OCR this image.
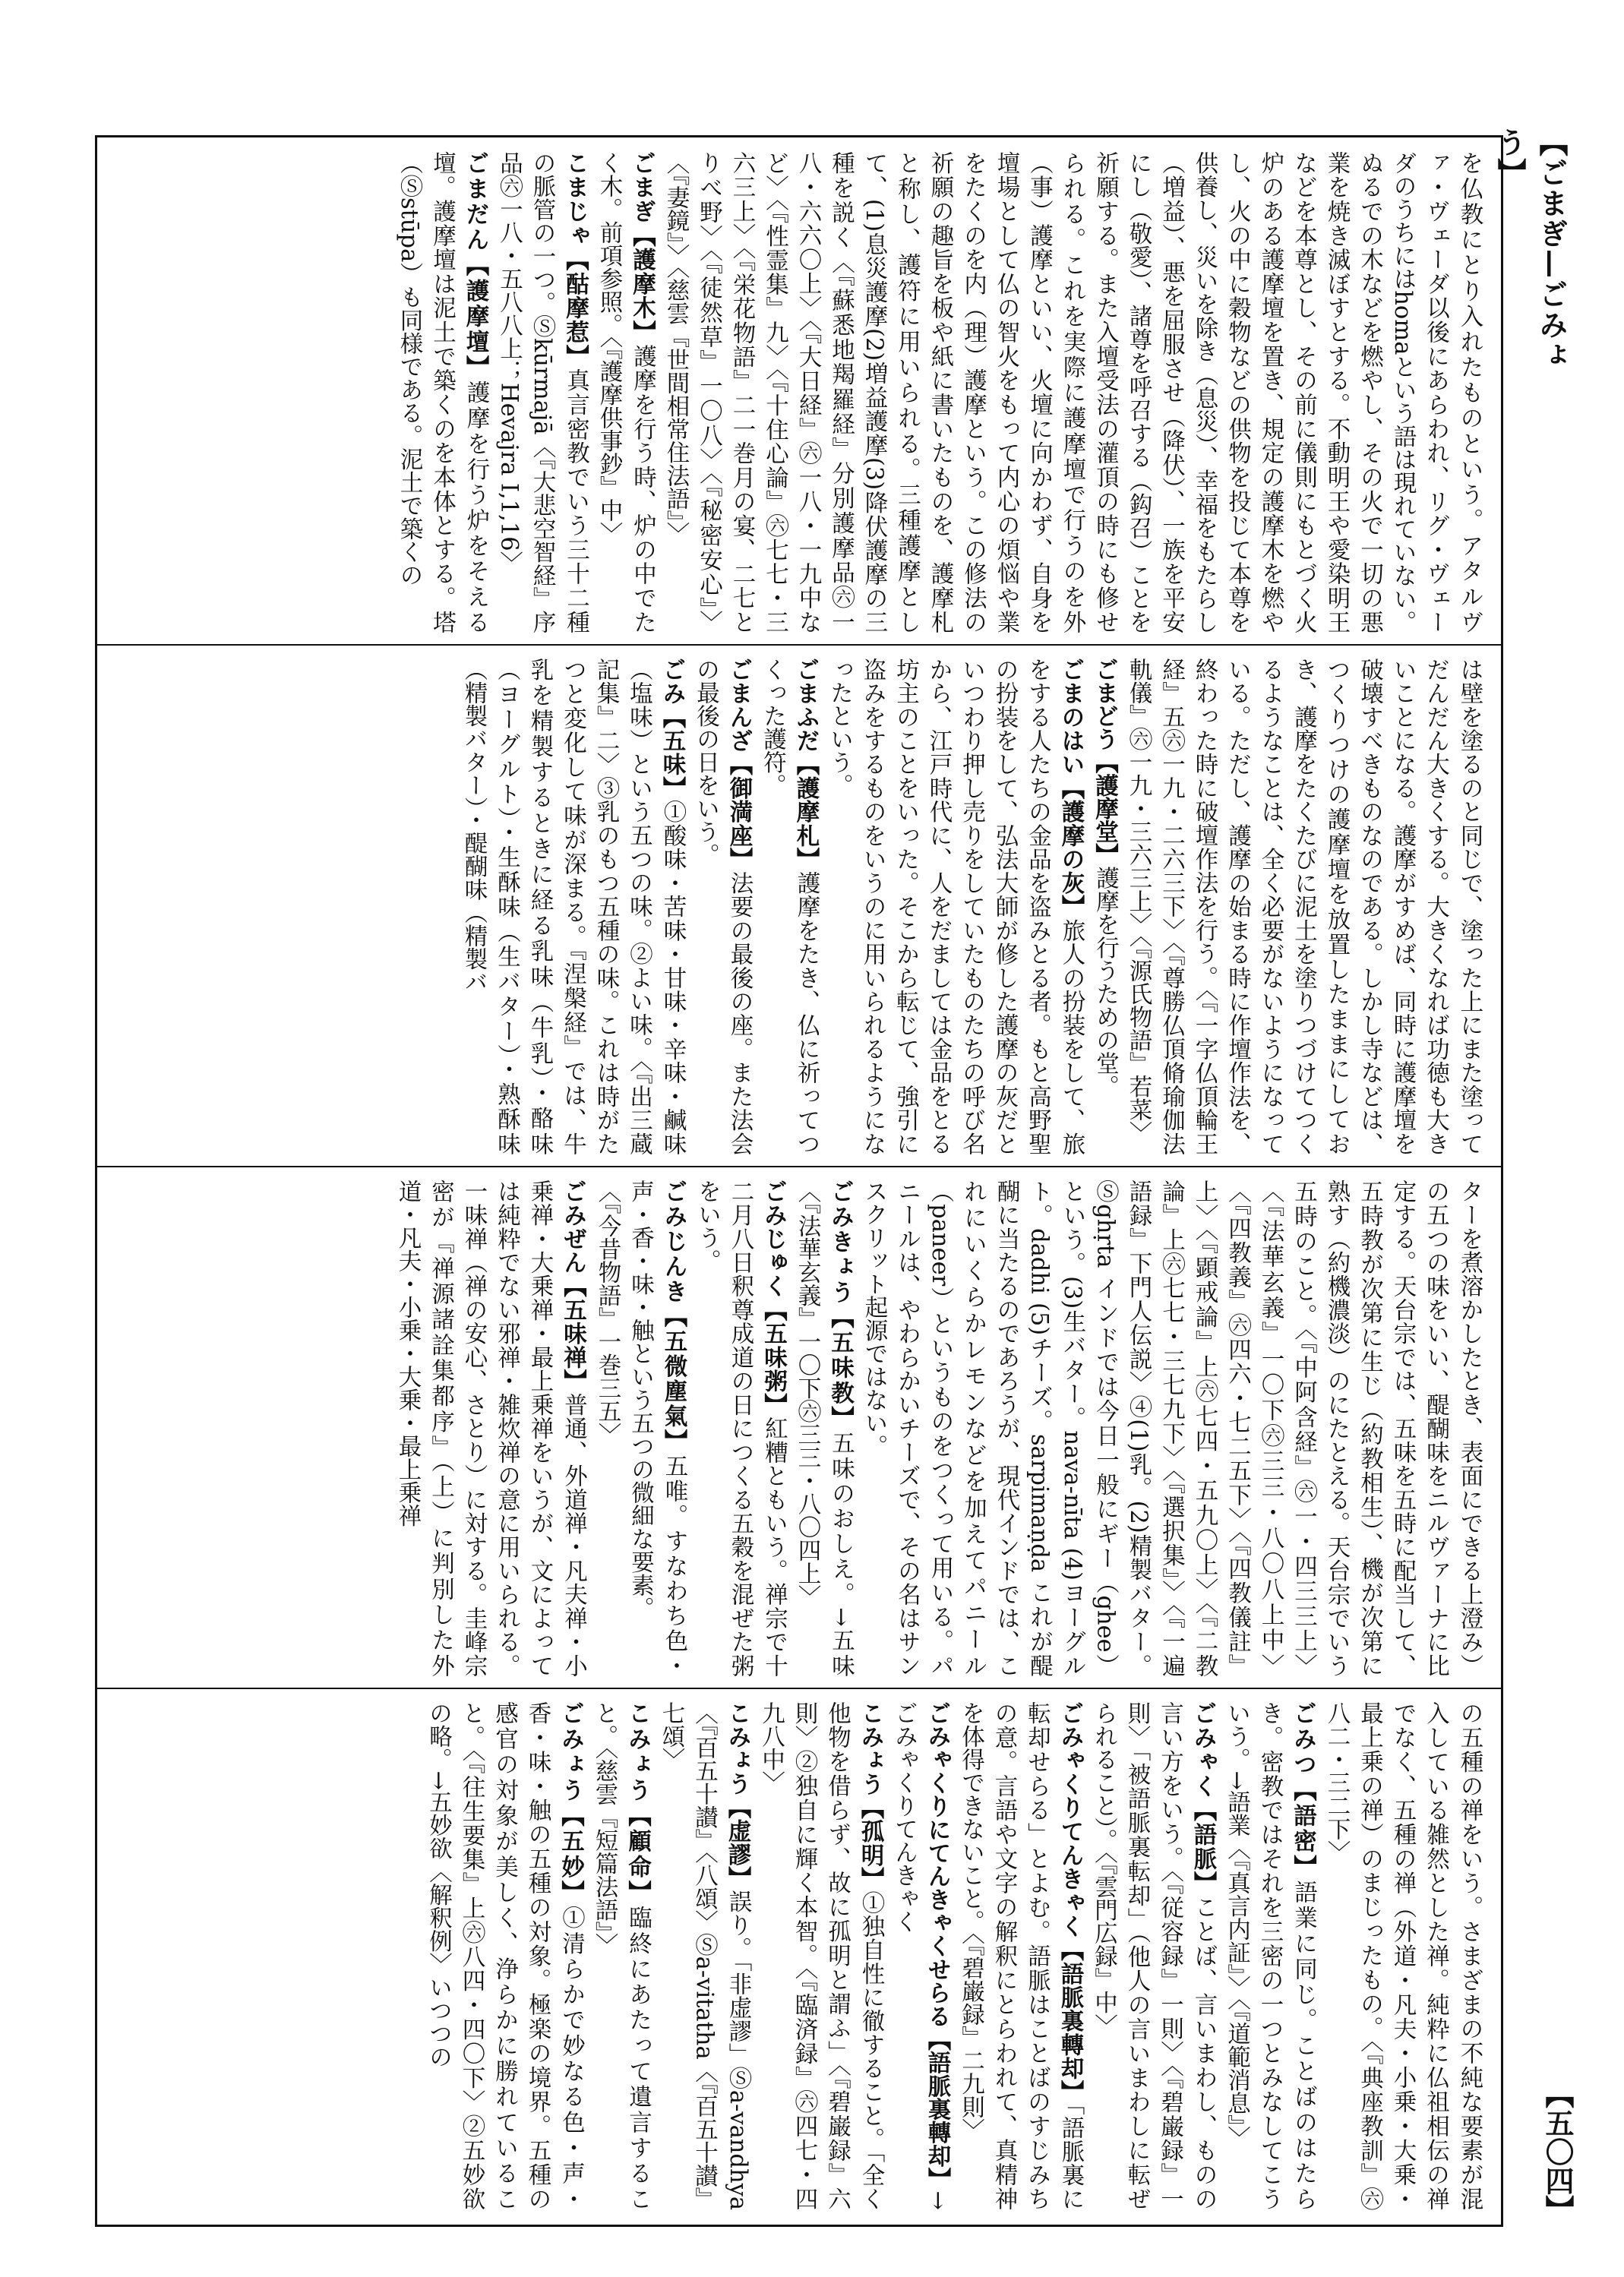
【ごまぎ—ごみょう】
【五〇四】
を仏教にとり入れたものという。アタルヴァ・ヴェーダ以後にあらわれ、リグ・ヴェーダのうちにはhomaという語は現れていない。ぬるでの木などを燃やし、その火で一切の悪業を焼き滅ぼすとする。不動明王や愛染明王などを本尊とし、その前に儀則にもとづく火炉のある護摩壇を置き、規定の護摩木を燃やし、火の中に穀物などの供物を投じて本尊を供養し、災いを除き（息災）、幸福をもたらし（増益）、悪を屈服させ（降伏）、一族を平安にし（敬愛）、諸尊を呼召する（鈎召）ことを祈願する。また入壇受法の灌頂の時にも修せられる。これを実際に護摩壇で行うのを外（事）護摩といい、火壇に向かわず、自身を壇場として仏の智火をもって内心の煩悩や業をたくのを内（理）護摩という。この修法の祈願の趣旨を板や紙に書いたものを、護摩札と称し、護符に用いられる。三種護摩として、(1)息災護摩(2)増益護摩(3)降伏護摩の三種を説く〈『蘇悉地羯羅経』分別護摩品㊅一八・六六〇上〉〈『大日経』㊅一八・一九中など〉〈『性霊集』九〉〈『十住心論』㊅七七・三六三上〉〈『栄花物語』二一巻月の宴、二七とりべ野〉〈『徒然草』一〇八〉〈『秘密安心』〉〈『妻鏡』〉〈慈雲『世間相常住法語』〉
ごまぎ【護摩木】護摩を行う時、炉の中でたく木。前項参照。〈『護摩供事鈔』中〉
こまじゃ【酤摩惹】真言密教でいう三十二種の脈管の一つ。Ⓢkūrmajā〈『大悲空智経』序品㊅一八・五八八上；Hevajra I,1,16〉
ごまだん【護摩壇】護摩を行う炉をそえる壇。護摩壇は泥土で築くのを本体とする。塔（Ⓢstūpa）も同様である。泥土で築くの
は壁を塗るのと同じで、塗った上にまた塗ってだんだん大きくする。大きくなれば功徳も大きいことになる。護摩がすめば、同時に護摩壇を破壊すべきものなのである。しかし寺などは、つくりつけの護摩壇を放置したままにしておき、護摩をたくたびに泥土を塗りつづけてつくるようなことは、全く必要がないようになっている。ただし、護摩の始まる時に作壇作法を、終わった時に破壇作法を行う。〈『一字仏頂輪王経』五㊅一九・二六三下〉〈『尊勝仏頂脩瑜伽法軌儀』㊅一九・三六三上〉〈『源氏物語』若菜〉
ごまどう【護摩堂】護摩を行うための堂。
ごまのはい【護摩の灰】旅人の扮装をして、旅をする人たちの金品を盗みとる者。もと高野聖の扮装をして、弘法大師が修した護摩の灰だといつわり押し売りをしていたものたちの呼び名から、江戸時代に、人をだましては金品をとる坊主のことをいった。そこから転じて、強引に盗みをするものをいうのに用いられるようになったという。
ごまふだ【護摩札】護摩をたき、仏に祈ってつくった護符。
ごまんざ【御満座】法要の最後の座。また法会の最後の日をいう。
ごみ【五味】①酸味・苦味・甘味・辛味・鹹味（塩味）という五つの味。②よい味。〈『出三蔵記集』二〉③乳のもつ五種の味。これは時がたつと変化して味が深まる。『涅槃経』では、牛乳を精製するときに経る乳味（牛乳）・酪味（ヨーグルト）・生酥味（生バター）・熟酥味（精製バター）・醍醐味（精製バ
ターを煮溶かしたとき、表面にできる上澄み）の五つの味をいい、醍醐味をニルヴァーナに比定する。天台宗では、五味を五時に配当して、五時教が次第に生じ（約教相生）、機が次第に熟す（約機濃淡）のにたとえる。天台宗でいう五時のこと。〈『中阿含経』㊅一・四三三上〉〈『法華玄義』一〇下㊅三三・八〇八上中〉〈『四教義』㊅四六・七二五下〉〈『四教儀註』上〉〈『顕戒論』上㊅七四・五九〇上〉〈『二教論』上㊅七七・三七九下〉〈『選択集』〉〈『一遍語録』下門人伝説〉④(1)乳。(2)精製バター。Ⓢghṛta インドでは今日一般にギー（ghee）という。(3)生バター。nava-nīta (4)ヨーグルト。dadhi (5)チーズ。sarpimaṇḍa これが醍醐に当たるのであろうが、現代インドでは、これにいくらかレモンなどを加えてパニール（paneer）というものをつくって用いる。パニールは、やわらかいチーズで、その名はサンスクリット起源ではない。
ごみきょう【五味教】五味のおしえ。→五味〈『法華玄義』一〇下㊅三三・八〇四上〉
ごみじゅく【五味粥】紅糟ともいう。禅宗で十二月八日釈尊成道の日につくる五穀を混ぜた粥をいう。
ごみじんき【五微塵氣】五唯。すなわち色・声・香・味・触という五つの微細な要素。
〈『今昔物語』一巻三五〉
ごみぜん【五味禅】普通、外道禅・凡夫禅・小乗禅・大乗禅・最上乗禅をいうが、文によっては純粋でない邪禅・雑炊禅の意に用いられる。一味禅（禅の安心、さとり）に対する。圭峰宗密が『禅源諸詮集都序』（上）に判別した外道・凡夫・小乗・大乗・最上乗禅
の五種の禅をいう。さまざまの不純な要素が混入している雑然とした禅。純粋に仏祖相伝の禅でなく、五種の禅（外道・凡夫・小乗・大乗・最上乗の禅）のまじったもの。〈『典座教訓』㊅八二・三二下〉
ごみつ【語密】語業に同じ。ことばのはたらき。密教ではそれを三密の一つとみなしてこういう。→語業〈『真言内証』〉〈『道範消息』〉
ごみゃく【語脈】ことば、言いまわし、ものの言い方をいう。〈『従容録』一則〉〈『碧巌録』一則〉「被語脈裏転却」（他人の言いまわしに転ぜられること）。〈『雲門広録』中〉
ごみゃくりてんきゃく【語脈裏轉却】「語脈裏に転却せらる」とよむ。語脈はことばのすじみちの意。言語や文字の解釈にとらわれて、真精神を体得できないこと。〈『碧巌録』二九則〉
ごみゃくりにてんきゃくせらる【語脈裏轉却】→ごみゃくりてんきゃく
こみょう【孤明】①独自性に徹すること。「全く他物を借らず、故に孤明と謂ふ」〈『碧巌録』六則〉②独自に輝く本智。〈『臨済録』㊅四七・四九八中〉
こみょう【虚謬】誤り。「非虚謬」Ⓢa-vandhya〈『百五十讃』〈八頌〉Ⓢa-vitatha〈『百五十讃』七頌〉
こみょう【顧命】臨終にあたって遺言すること。〈慈雲『短篇法語』〉
ごみょう【五妙】①清らかで妙なる色・声・香・味・触の五種の対象。極楽の境界。五種の感官の対象が美しく、浄らかに勝れていること。〈『往生要集』上㊅八四・四〇下〉②五妙欲の略。→五妙欲〈解釈例〉いつつの
